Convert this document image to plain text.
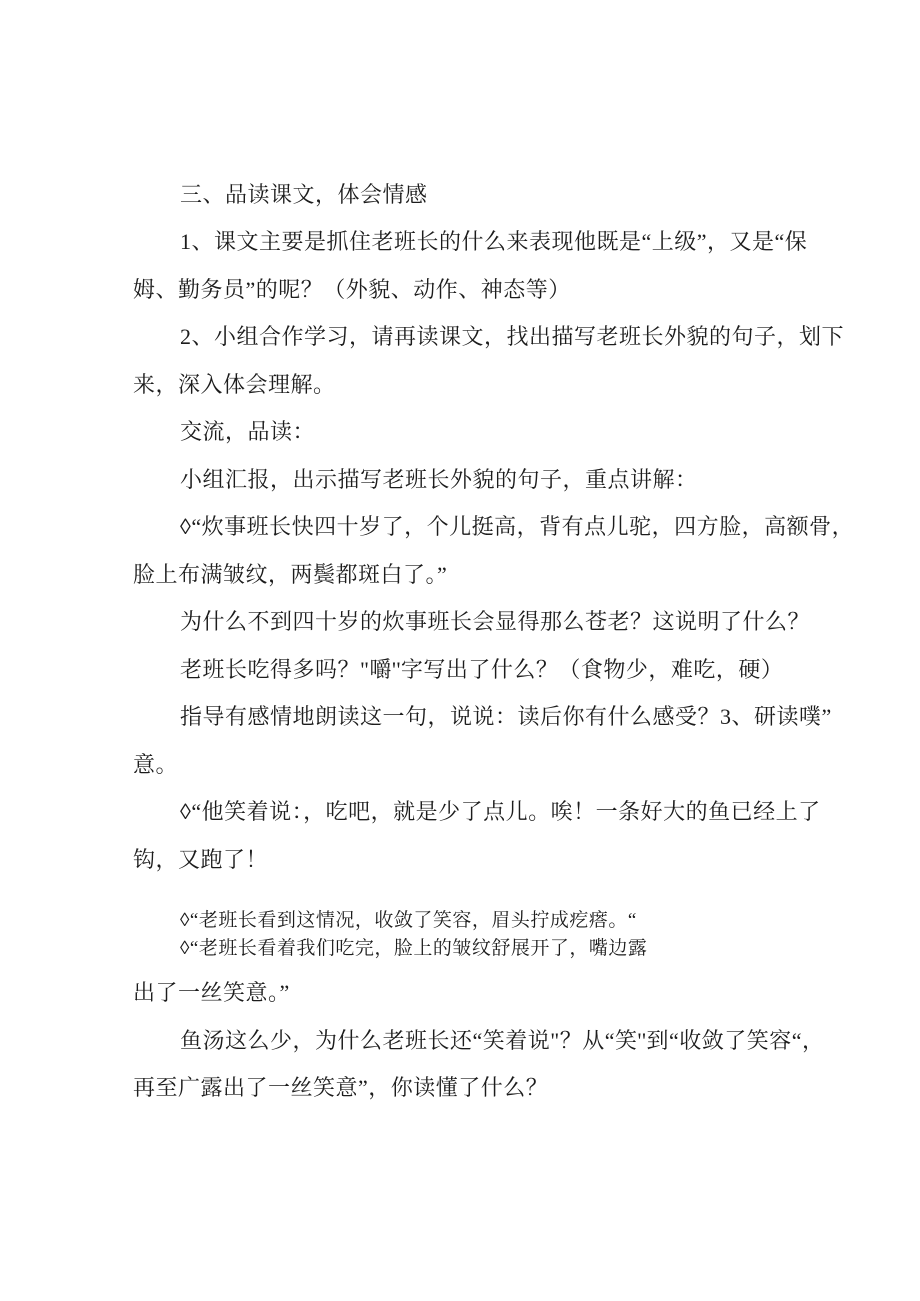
三、品读课文，体会情感
1、课文主要是抓住老班长的什么来表现他既是“上级”，又是“保
姆、勤务员”的呢？（外貌、动作、神态等）
2、小组合作学习，请再读课文，找出描写老班长外貌的句子，划下
来，深入体会理解。
交流，品读：
小组汇报，出示描写老班长外貌的句子，重点讲解：
◊“炊事班长快四十岁了，个儿挺高，背有点儿驼，四方脸，高额骨，
脸上布满皱纹，两鬓都斑白了。”
为什么不到四十岁的炊事班长会显得那么苍老？这说明了什么？
老班长吃得多吗？"嚼''字写出了什么？（食物少，难吃，硬）
指导有感情地朗读这一句，说说：读后你有什么感受？3、研读噗”
意。
◊“他笑着说：，吃吧，就是少了点儿。唉！一条好大的鱼已经上了
钩，又跑了！
◊“老班长看到这情况，收敛了笑容，眉头拧成疙瘩。“
◊“老班长看着我们吃完，脸上的皱纹舒展开了，嘴边露
出了一丝笑意。”
鱼汤这么少，为什么老班长还“笑着说"？从“笑''到“收敛了笑容“，
再至广露出了一丝笑意”，你读懂了什么？
